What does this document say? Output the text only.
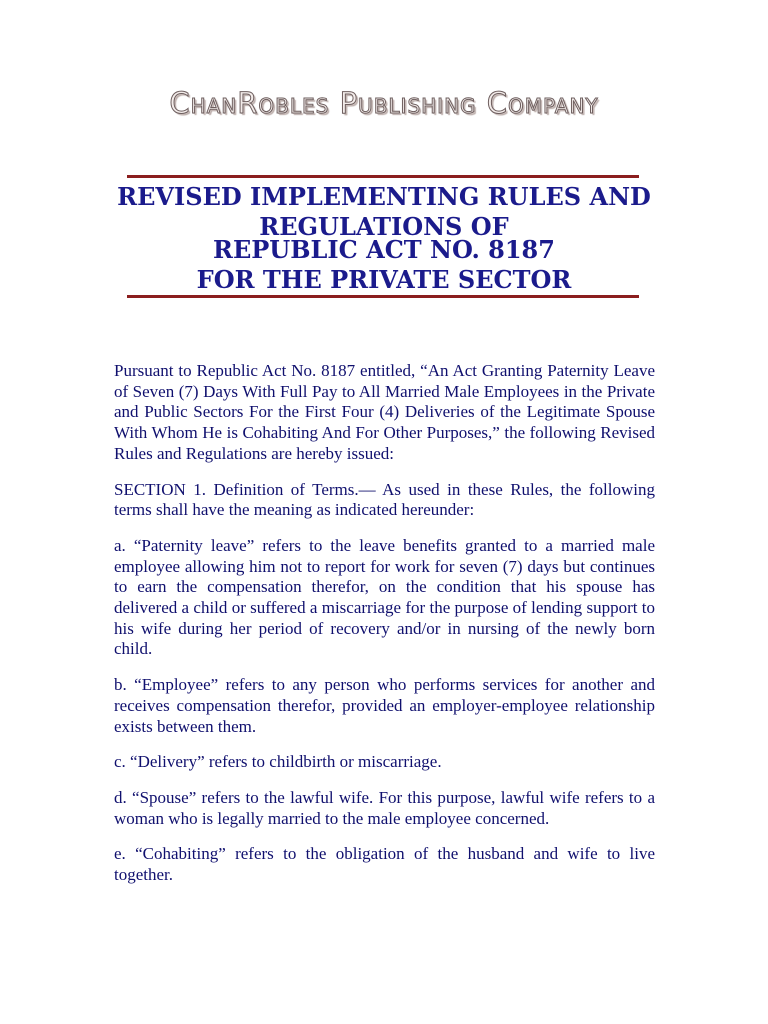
ChanRobles Publishing Company
REVISED IMPLEMENTING RULES AND
REGULATIONS OF
REPUBLIC ACT NO. 8187
FOR THE PRIVATE SECTOR

Pursuant to Republic Act No. 8187 entitled, “An Act Granting Paternity Leave of Seven (7) Days With Full Pay to All Married Male Employees in the Private and Public Sectors For the First Four (4) Deliveries of the Legitimate Spouse With Whom He is Cohabiting And For Other Purposes,” the following Revised Rules and Regulations are hereby issued:

SECTION 1. Definition of Terms.— As used in these Rules, the following terms shall have the meaning as indicated hereunder:

a. “Paternity leave” refers to the leave benefits granted to a married male employee allowing him not to report for work for seven (7) days but continues to earn the compensation therefor, on the condition that his spouse has delivered a child or suffered a miscarriage for the purpose of lending support to his wife during her period of recovery and/or in nursing of the newly born child.

b. “Employee” refers to any person who performs services for another and receives compensation therefor, provided an employer-employee relationship exists between them.

c. “Delivery” refers to childbirth or miscarriage.

d. “Spouse” refers to the lawful wife. For this purpose, lawful wife refers to a woman who is legally married to the male employee concerned.

e. “Cohabiting” refers to the obligation of the husband and wife to live together.
